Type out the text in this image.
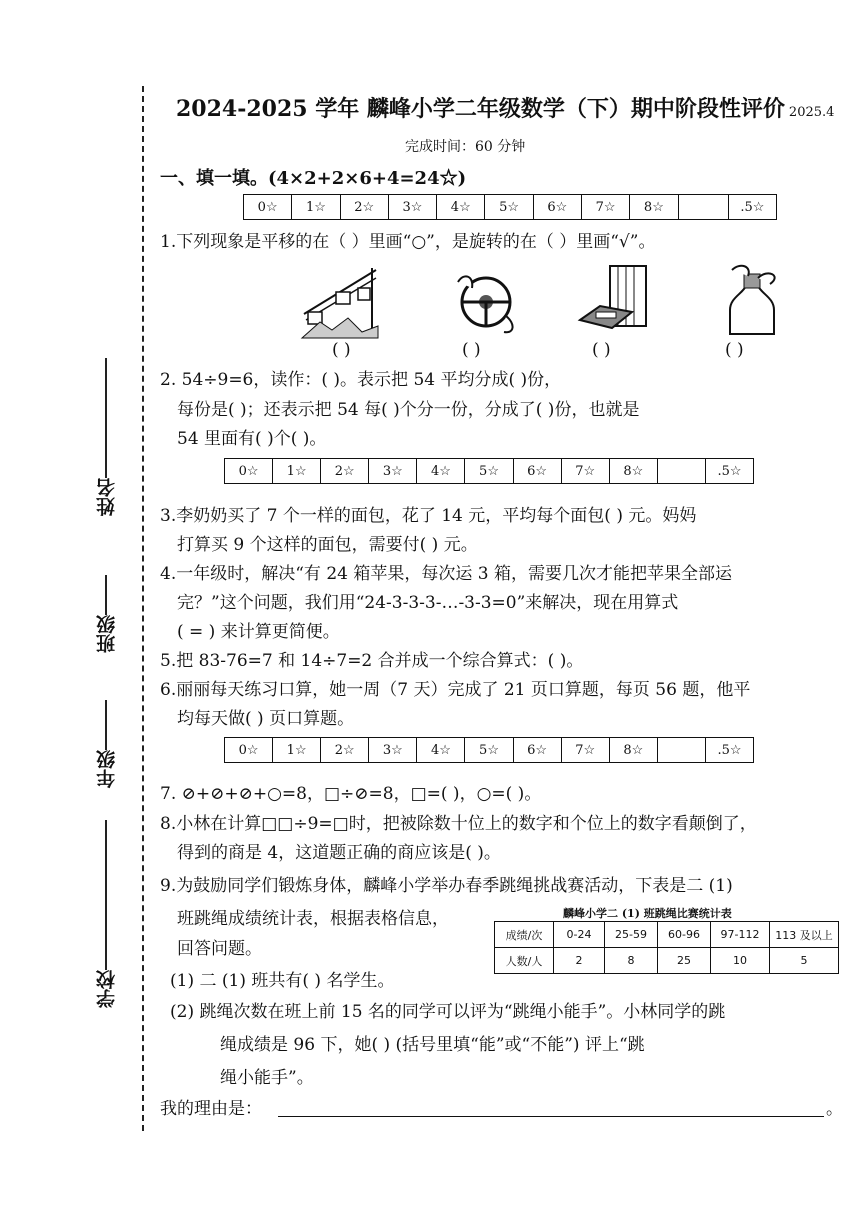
姓名
班级
年级
学校
2024-2025 学年 麟峰小学二年级数学（下）期中阶段性评价 2025.4
完成时间：60 分钟
一、填一填。(4×2+2×6+4=24☆)
0☆	1☆	2☆	3☆	4☆	5☆	6☆	7☆	8☆	.5☆
1.下列现象是平移的在（ ）里画“○”，是旋转的在（ ）里画“√”。
( )	( )	( )	( )
2. 54÷9=6，读作：( )。表示把 54 平均分成( )份，
每份是( )；还表示把 54 每( )个分一份，分成了( )份，也就是
54 里面有( )个( )。
0☆	1☆	2☆	3☆	4☆	5☆	6☆	7☆	8☆	.5☆
3.李奶奶买了 7 个一样的面包，花了 14 元，平均每个面包( ) 元。妈妈
打算买 9 个这样的面包，需要付( ) 元。
4.一年级时，解决“有 24 箱苹果，每次运 3 箱，需要几次才能把苹果全部运
完？”这个问题，我们用“24-3-3-3-…-3-3=0”来解决，现在用算式
( = ) 来计算更简便。
5.把 83-76=7 和 14÷7=2 合并成一个综合算式：( )。
6.丽丽每天练习口算，她一周（7 天）完成了 21 页口算题，每页 56 题，他平
均每天做( ) 页口算题。
0☆	1☆	2☆	3☆	4☆	5☆	6☆	7☆	8☆	.5☆
7. ⊘+⊘+⊘+○=8，□÷⊘=8，□=( )，○=( )。
8.小林在计算□□÷9=□时，把被除数十位上的数字和个位上的数字看颠倒了，
得到的商是 4，这道题正确的商应该是( )。
9.为鼓励同学们锻炼身体，麟峰小学举办春季跳绳挑战赛活动，下表是二 (1)
班跳绳成绩统计表，根据表格信息，
回答问题。
麟峰小学二 (1) 班跳绳比赛统计表
成绩/次	0-24	25-59	60-96	97-112	113 及以上
人数/人	2	8	25	10	5
(1) 二 (1) 班共有( ) 名学生。
(2) 跳绳次数在班上前 15 名的同学可以评为“跳绳小能手”。小林同学的跳
绳成绩是 96 下，她( ) (括号里填“能”或“不能”) 评上“跳
绳小能手”。
我的理由是：	。
